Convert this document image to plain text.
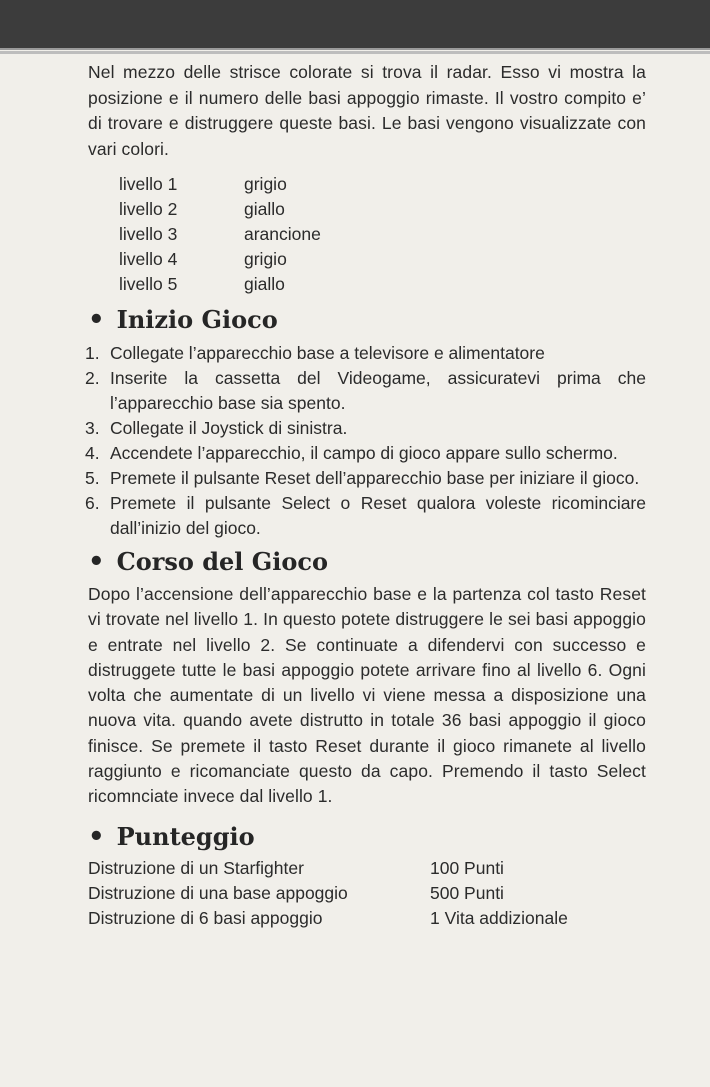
Nel mezzo delle strisce colorate si trova il radar. Esso vi mostra la posizione e il numero delle basi appoggio rimaste. Il vostro compito e’ di trovare e distruggere queste basi. Le basi vengono visualizzate con vari colori.

livello 1	grigio
livello 2	giallo
livello 3	arancione
livello 4	grigio
livello 5	giallo
• Inizio Gioco
1. Collegate l’apparecchio base a televisore e alimentatore
2. Inserite la cassetta del Videogame, assicuratevi prima che l’apparecchio base sia spento.
3. Collegate il Joystick di sinistra.
4. Accendete l’apparecchio, il campo di gioco appare sullo schermo.
5. Premete il pulsante Reset dell’apparecchio base per iniziare il gioco.
6. Premete il pulsante Select o Reset qualora voleste ricominciare dall’inizio del gioco.
• Corso del Gioco

Dopo l’accensione dell’apparecchio base e la partenza col tasto Reset vi trovate nel livello 1. In questo potete distruggere le sei basi appoggio e entrate nel livello 2. Se continuate a difendervi con successo e distruggete tutte le basi appoggio potete arrivare fino al livello 6. Ogni volta che aumentate di un livello vi viene messa a disposizione una nuova vita. quando avete distrutto in totale 36 basi appoggio il gioco finisce. Se premete il tasto Reset durante il gioco rimanete al livello raggiunto e ricomanciate questo da capo. Premendo il tasto Select ricomnciate invece dal livello 1.

• Punteggio
Distruzione di un Starfighter	100 Punti
Distruzione di una base appoggio	500 Punti
Distruzione di 6 basi appoggio	1 Vita addizionale
